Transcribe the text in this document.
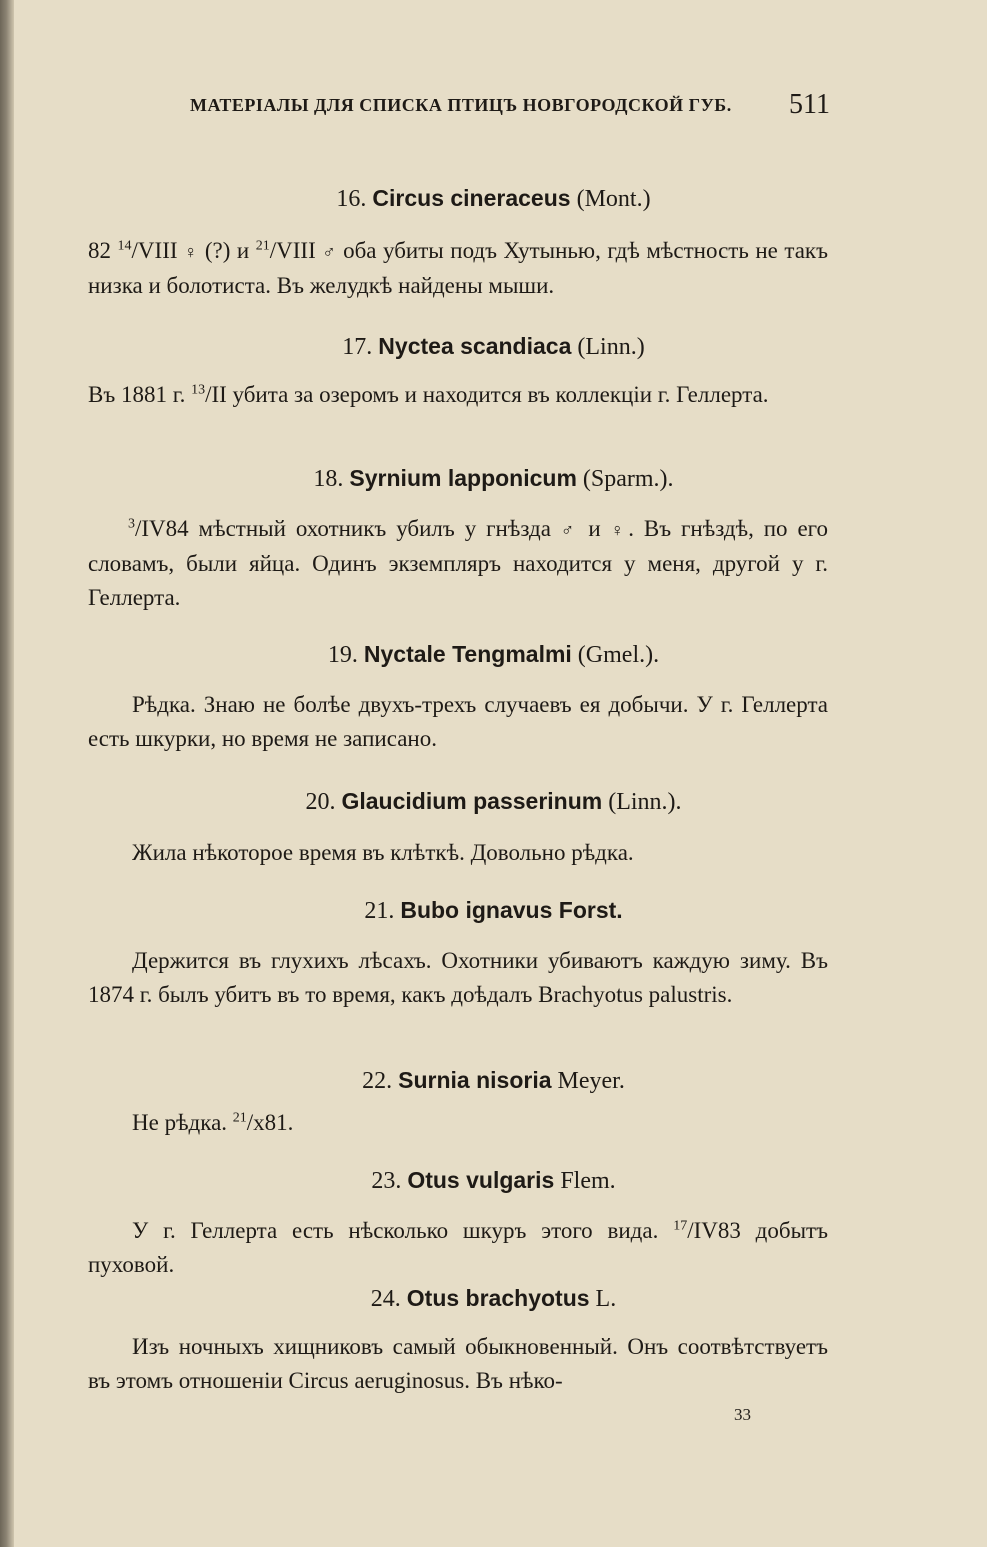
МАТЕРІАЛЫ ДЛЯ СПИСКА ПТИЦЪ НОВГОРОДСКОЙ ГУБ. 511
16. Circus cineraceus (Mont.)
82 $^{14}$/VIII ♀ (?) и $^{21}$/VIII ♂ оба убиты подъ Хутынью, гдѣ мѣстность не такъ низка и болотиста. Въ желудкѣ найдены мыши.
17. Nyctea scandiaca (Linn.)
Въ 1881 г. $^{13}$/II убита за озеромъ и находится въ коллекціи г. Геллерта.
18. Syrnium lapponicum (Sparm.).
$^3$/IV84 мѣстный охотникъ убилъ у гнѣзда ♂ и ♀. Въ гнѣздѣ, по его словамъ, были яйца. Одинъ экземпляръ находится у меня, другой у г. Геллерта.
19. Nyctale Tengmalmi (Gmel.).
Рѣдка. Знаю не болѣе двухъ-трехъ случаевъ ея добычи. У г. Геллерта есть шкурки, но время не записано.
20. Glaucidium passerinum (Linn.).
Жила нѣкоторое время въ клѣткѣ. Довольно рѣдка.
21. Bubo ignavus Forst.
Держится въ глухихъ лѣсахъ. Охотники убиваютъ каждую зиму. Въ 1874 г. былъ убитъ въ то время, какъ доѣдалъ Brachyotus palustris.
22. Surnia nisoria Meyer.
Не рѣдка. $^{21}$/x81.
23. Otus vulgaris Flem.
У г. Геллерта есть нѣсколько шкуръ этого вида. $^{17}$/IV83 добытъ пуховой.
24. Otus brachyotus L.
Изъ ночныхъ хищниковъ самый обыкновенный. Онъ соотвѣтствуетъ въ этомъ отношеніи Circus aeruginosus. Въ нѣко-
33
